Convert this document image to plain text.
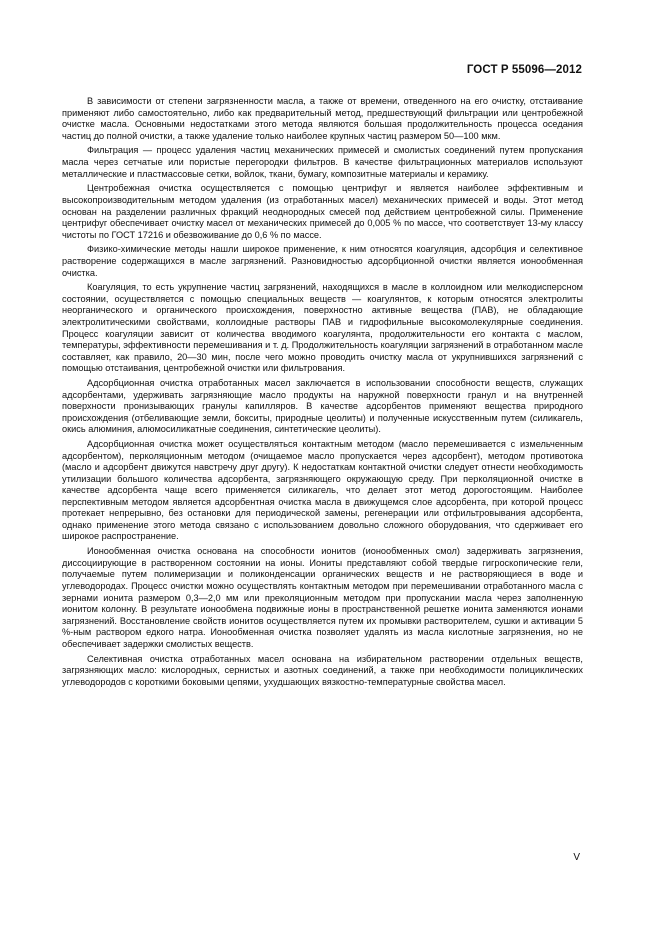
ГОСТ Р 55096—2012

В зависимости от степени загрязненности масла, а также от времени, отведенного на его очистку, отстаивание применяют либо самостоятельно, либо как предварительный метод, предшествующий фильтрации или центробежной очистке масла. Основными недостатками этого метода являются большая продолжительность процесса оседания частиц до полной очистки, а также удаление только наиболее крупных частиц размером 50—100 мкм.

Фильтрация — процесс удаления частиц механических примесей и смолистых соединений путем пропускания масла через сетчатые или пористые перегородки фильтров. В качестве фильтрационных материалов используют металлические и пластмассовые сетки, войлок, ткани, бумагу, композитные материалы и керамику.

Центробежная очистка осуществляется с помощью центрифуг и является наиболее эффективным и высокопроизводительным методом удаления (из отработанных масел) механических примесей и воды. Этот метод основан на разделении различных фракций неоднородных смесей под действием центробежной силы. Применение центрифуг обеспечивает очистку масел от механических примесей до 0,005 % по массе, что соответствует 13-му классу чистоты по ГОСТ 17216 и обезвоживание до 0,6 % по массе.

Физико-химические методы нашли широкое применение, к ним относятся коагуляция, адсорбция и селективное растворение содержащихся в масле загрязнений. Разновидностью адсорбционной очистки является ионообменная очистка.

Коагуляция, то есть укрупнение частиц загрязнений, находящихся в масле в коллоидном или мелкодисперсном состоянии, осуществляется с помощью специальных веществ — коагулянтов, к которым относятся электролиты неорганического и органического происхождения, поверхностно активные вещества (ПАВ), не обладающие электролитическими свойствами, коллоидные растворы ПАВ и гидрофильные высокомолекулярные соединения. Процесс коагуляции зависит от количества вводимого коагулянта, продолжительности его контакта с маслом, температуры, эффективности перемешивания и т. д. Продолжительность коагуляции загрязнений в отработанном масле составляет, как правило, 20—30 мин, после чего можно проводить очистку масла от укрупнившихся загрязнений с помощью отстаивания, центробежной очистки или фильтрования.

Адсорбционная очистка отработанных масел заключается в использовании способности веществ, служащих адсорбентами, удерживать загрязняющие масло продукты на наружной поверхности гранул и на внутренней поверхности пронизывающих гранулы капилляров. В качестве адсорбентов применяют вещества природного происхождения (отбеливающие земли, бокситы, природные цеолиты) и полученные искусственным путем (силикагель, окись алюминия, алюмосиликатные соединения, синтетические цеолиты).

Адсорбционная очистка может осуществляться контактным методом (масло перемешивается с измельченным адсорбентом), перколяционным методом (очищаемое масло пропускается через адсорбент), методом противотока (масло и адсорбент движутся навстречу друг другу). К недостаткам контактной очистки следует отнести необходимость утилизации большого количества адсорбента, загрязняющего окружающую среду. При перколяционной очистке в качестве адсорбента чаще всего применяется силикагель, что делает этот метод дорогостоящим. Наиболее перспективным методом является адсорбентная очистка масла в движущемся слое адсорбента, при которой процесс протекает непрерывно, без остановки для периодической замены, регенерации или отфильтровывания адсорбента, однако применение этого метода связано с использованием довольно сложного оборудования, что сдерживает его широкое распространение.

Ионообменная очистка основана на способности ионитов (ионообменных смол) задерживать загрязнения, диссоциирующие в растворенном состоянии на ионы. Иониты представляют собой твердые гигроскопические гели, получаемые путем полимеризации и поликонденсации органических веществ и не растворяющиеся в воде и углеводородах. Процесс очистки можно осуществлять контактным методом при перемешивании отработанного масла с зернами ионита размером 0,3—2,0 мм или преколяционным методом при пропускании масла через заполненную ионитом колонну. В результате ионообмена подвижные ионы в пространственной решетке ионита заменяются ионами загрязнений. Восстановление свойств ионитов осуществляется путем их промывки растворителем, сушки и активации 5 %-ным раствором едкого натра. Ионообменная очистка позволяет удалять из масла кислотные загрязнения, но не обеспечивает задержки смолистых веществ.

Селективная очистка отработанных масел основана на избирательном растворении отдельных веществ, загрязняющих масло: кислородных, сернистых и азотных соединений, а также при необходимости полициклических углеводородов с короткими боковыми цепями, ухудшающих вязкостно-температурные свойства масел.

V
